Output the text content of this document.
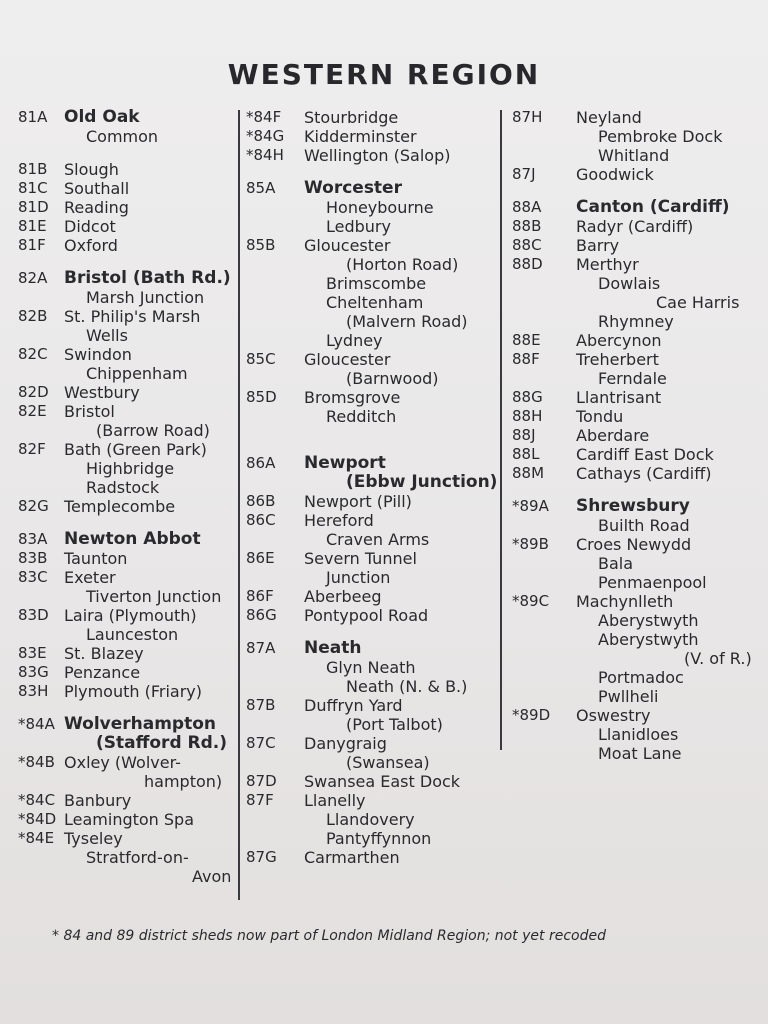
WESTERN REGION
81A Old Oak
Common
81B Slough
81C Southall
81D Reading
81E Didcot
81F Oxford
82A Bristol (Bath Rd.)
Marsh Junction
82B St. Philip's Marsh
Wells
82C Swindon
Chippenham
82D Westbury
82E Bristol
(Barrow Road)
82F Bath (Green Park)
Highbridge
Radstock
82G Templecombe
83A Newton Abbot
83B Taunton
83C Exeter
Tiverton Junction
83D Laira (Plymouth)
Launceston
83E St. Blazey
83G Penzance
83H Plymouth (Friary)
*84A Wolverhampton
(Stafford Rd.)
*84B Oxley (Wolver-
hampton)
*84C Banbury
*84D Leamington Spa
*84E Tyseley
Stratford-on-
Avon
*84F Stourbridge
*84G Kidderminster
*84H Wellington (Salop)
85A Worcester
Honeybourne
Ledbury
85B Gloucester
(Horton Road)
Brimscombe
Cheltenham
(Malvern Road)
Lydney
85C Gloucester
(Barnwood)
85D Bromsgrove
Redditch
86A Newport
(Ebbw Junction)
86B Newport (Pill)
86C Hereford
Craven Arms
86E Severn Tunnel
Junction
86F Aberbeeg
86G Pontypool Road
87A Neath
Glyn Neath
Neath (N. & B.)
87B Duffryn Yard
(Port Talbot)
87C Danygraig
(Swansea)
87D Swansea East Dock
87F Llanelly
Llandovery
Pantyffynnon
87G Carmarthen
87H Neyland
Pembroke Dock
Whitland
87J	Goodwick
88A Canton (Cardiff)
88B Radyr (Cardiff)
88C Barry
88D Merthyr
Dowlais
Cae Harris
Rhymney
88E Abercynon
88F Treherbert
Ferndale
88G Llantrisant
88H Tondu
88J	Aberdare
88L Cardiff East Dock
88M Cathays (Cardiff)
*89A Shrewsbury
Builth Road
*89B Croes Newydd
Bala
Penmaenpool
*89C Machynlleth
Aberystwyth
Aberystwyth
(V. of R.)
Portmadoc
Pwllheli
*89D Oswestry
Llanidloes
Moat Lane
* 84 and 89 district sheds now part of London Midland Region; not yet recoded
